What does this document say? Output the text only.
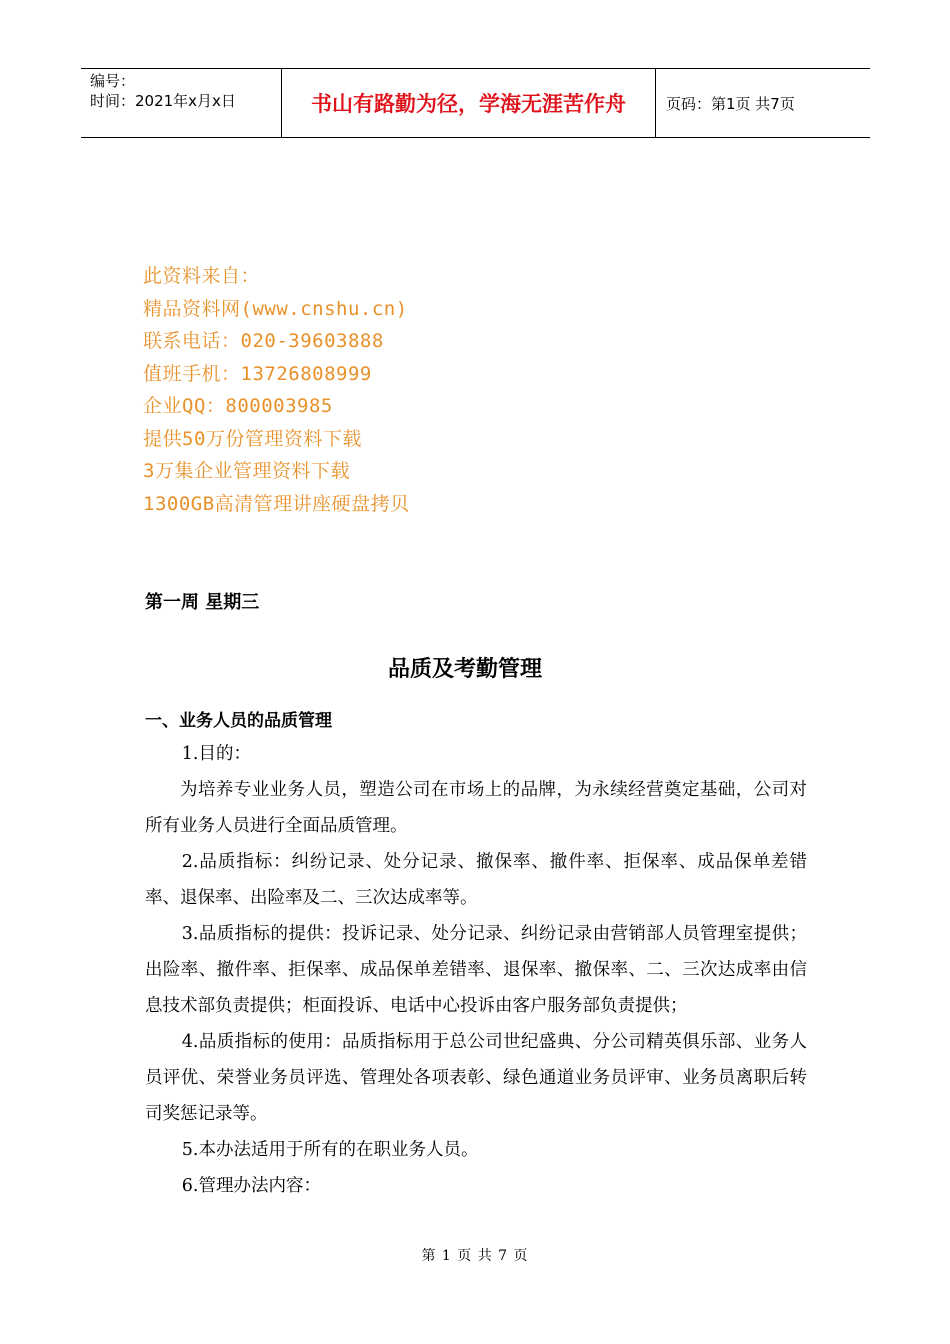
编号：
时间：2021年x月x日	书山有路勤为径，学海无涯苦作舟	页码：第1页 共7页
此资料来自：
精品资料网(www.cnshu.cn)
联系电话：020-39603888
值班手机：13726808999
企业QQ：800003985
提供50万份管理资料下载
3万集企业管理资料下载
1300GB高清管理讲座硬盘拷贝
第一周 星期三
品质及考勤管理
一、业务人员的品质管理

1.目的：

为培养专业业务人员，塑造公司在市场上的品牌，为永续经营奠定基础，公司对所有业务人员进行全面品质管理。

2.品质指标：纠纷记录、处分记录、撤保率、撤件率、拒保率、成品保单差错率、退保率、出险率及二、三次达成率等。

3.品质指标的提供：投诉记录、处分记录、纠纷记录由营销部人员管理室提供；出险率、撤件率、拒保率、成品保单差错率、退保率、撤保率、二、三次达成率由信息技术部负责提供；柜面投诉、电话中心投诉由客户服务部负责提供；

4.品质指标的使用：品质指标用于总公司世纪盛典、分公司精英俱乐部、业务人员评优、荣誉业务员评选、管理处各项表彰、绿色通道业务员评审、业务员离职后转司奖惩记录等。

5.本办法适用于所有的在职业务人员。

6.管理办法内容：

第 1 页 共 7 页
